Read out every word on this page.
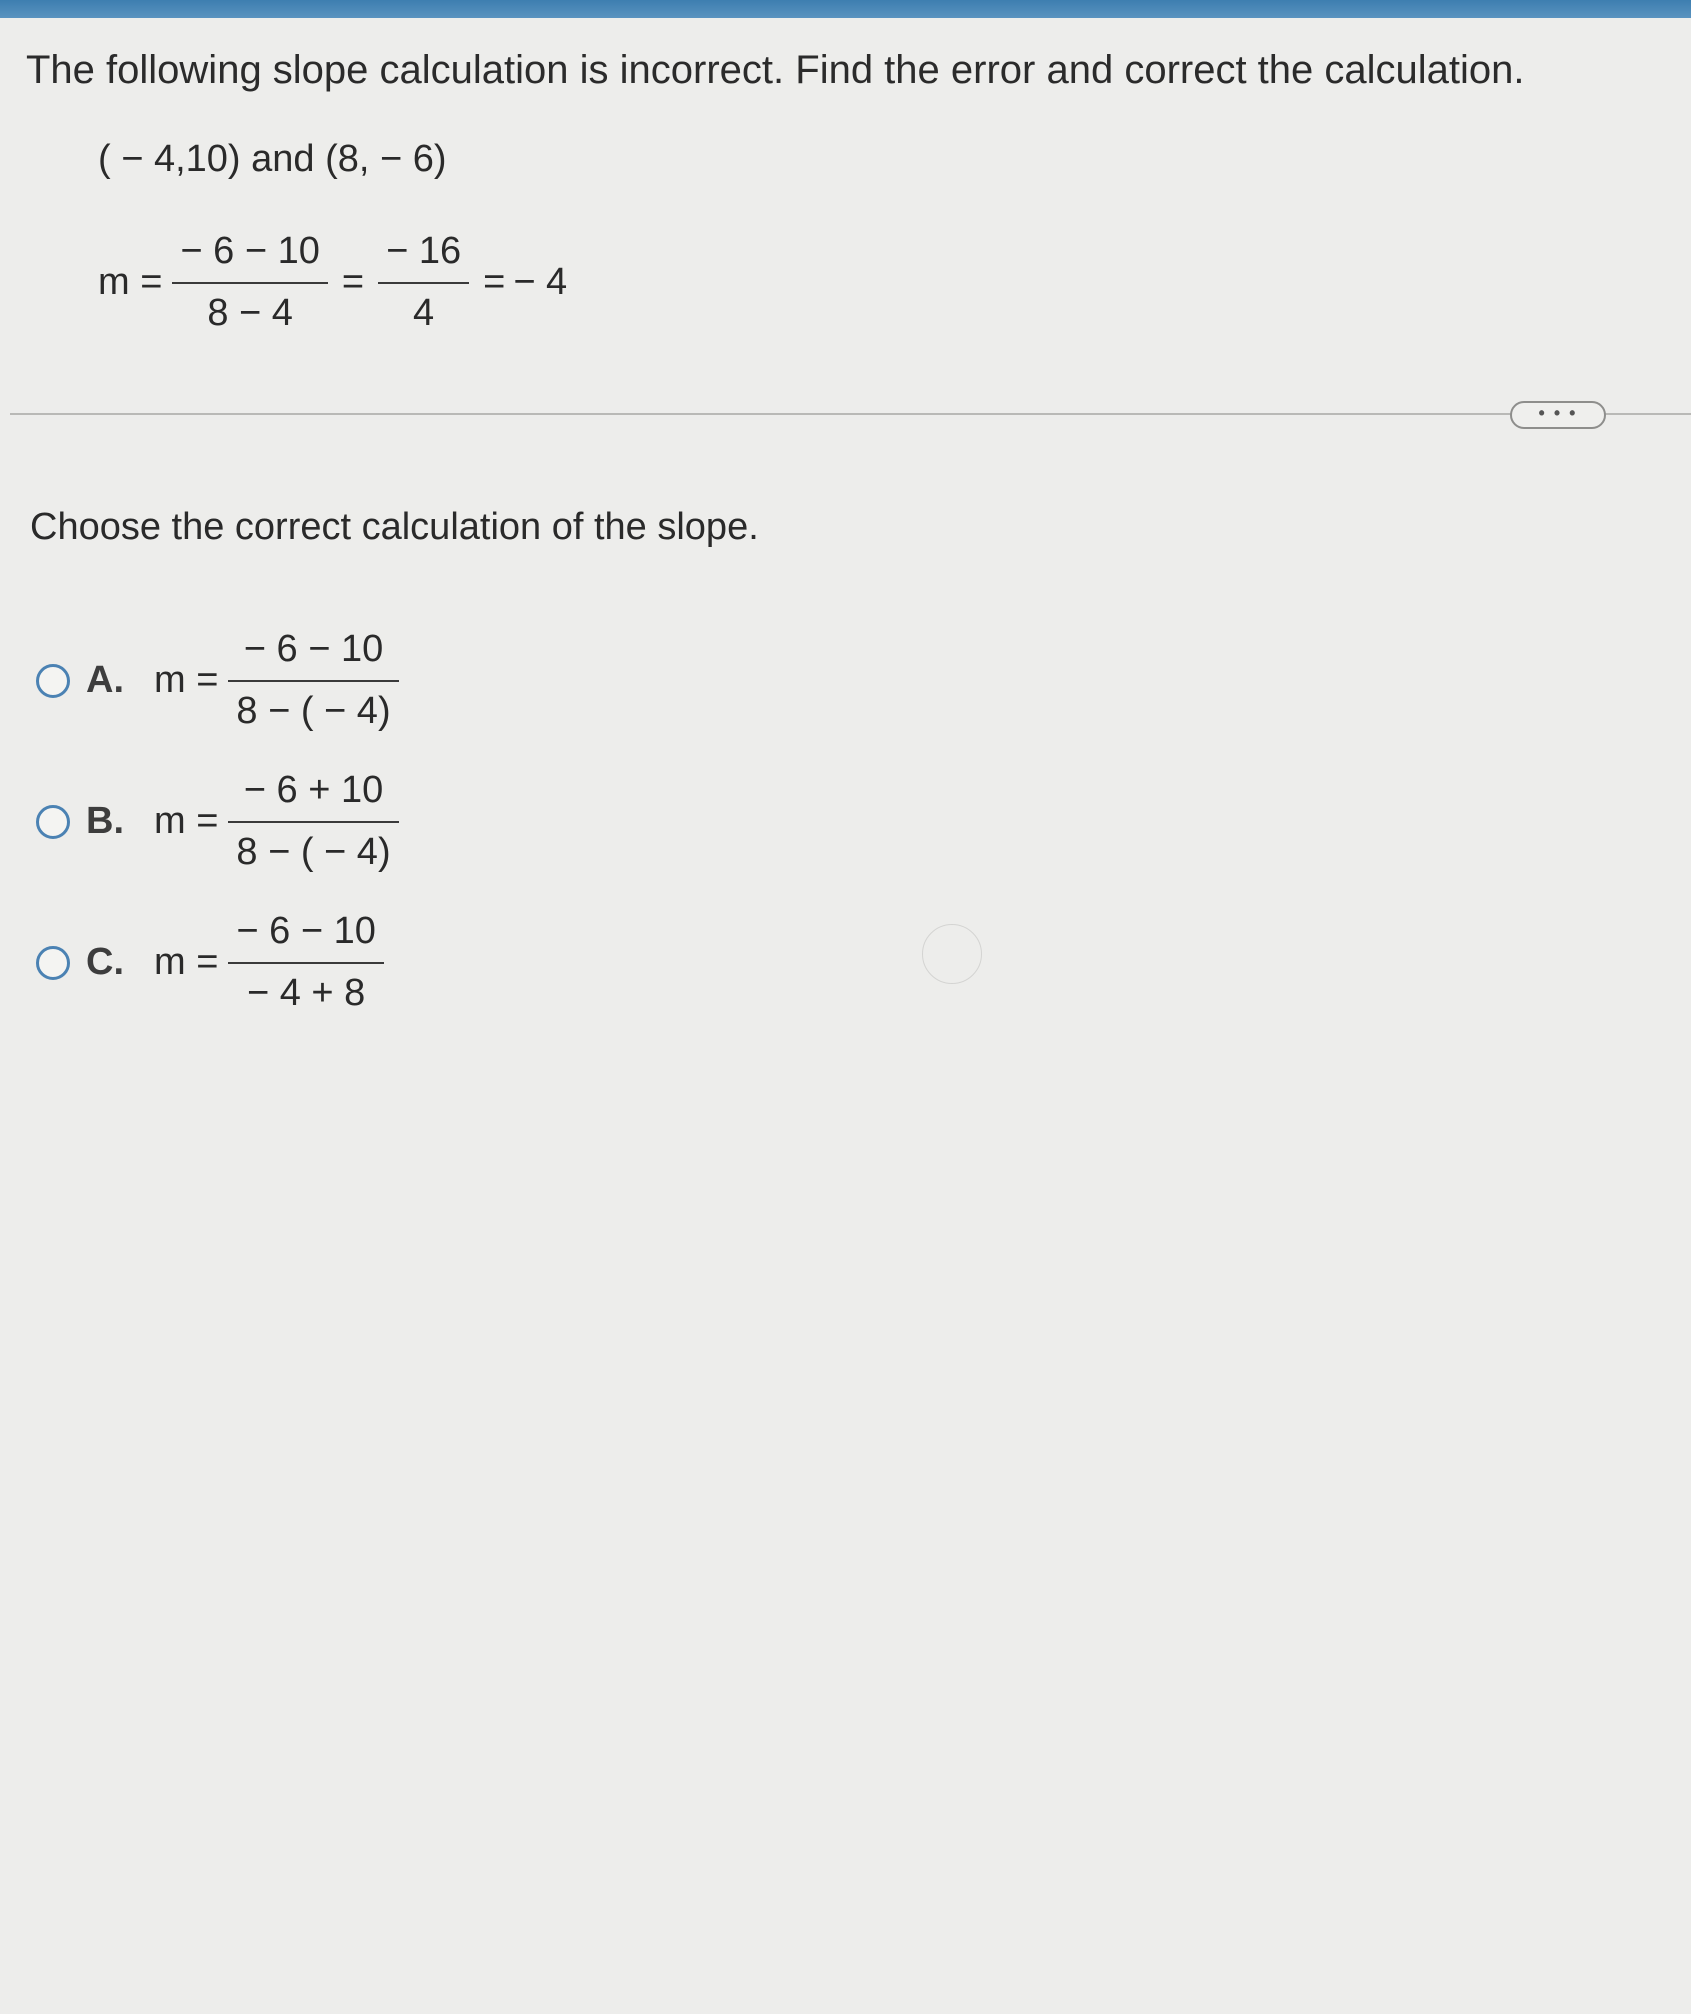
The following slope calculation is incorrect. Find the error and correct the calculation.
( − 4,10) and (8, − 6)
$m = \frac{- 6 - 10}{8 - 4} = \frac{- 16}{4}$ = − 4
• • •
Choose the correct calculation of the slope.
A. $m = \frac{- 6 - 10}{8 - ( - 4)}$
B. $m = \frac{- 6 + 10}{8 - ( - 4)}$
C. $m = \frac{- 6 - 10}{- 4 + 8}$
